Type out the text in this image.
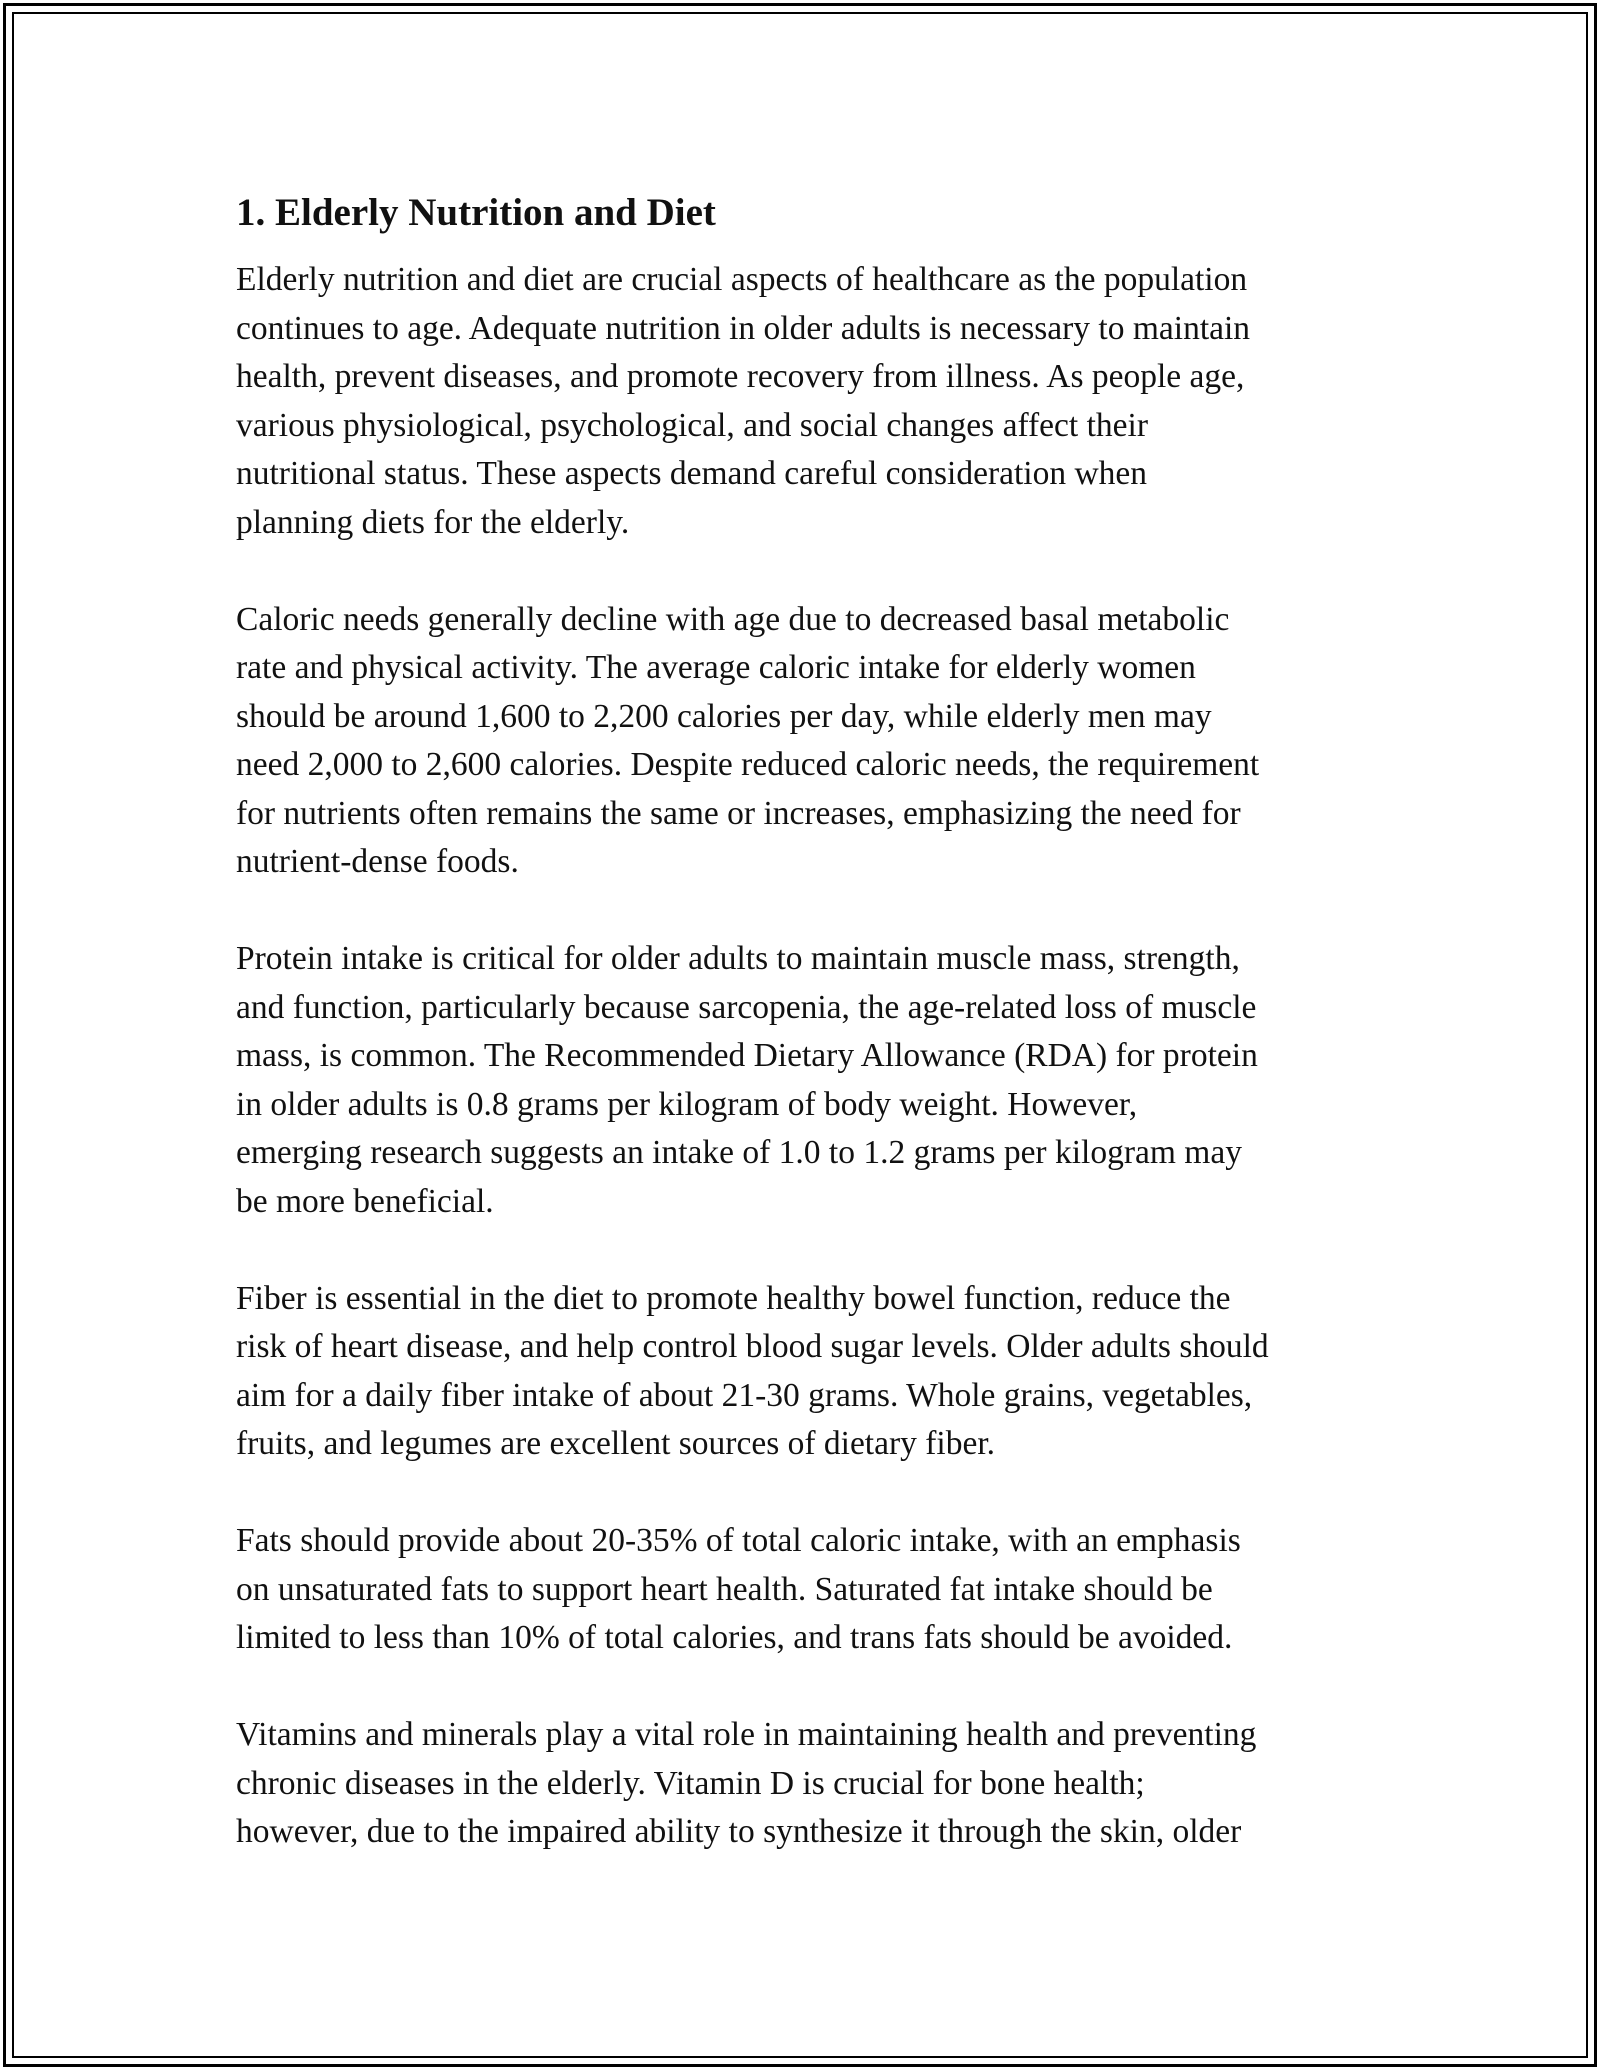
1. Elderly Nutrition and Diet

Elderly nutrition and diet are crucial aspects of healthcare as the population
continues to age. Adequate nutrition in older adults is necessary to maintain
health, prevent diseases, and promote recovery from illness. As people age,
various physiological, psychological, and social changes affect their
nutritional status. These aspects demand careful consideration when
planning diets for the elderly.

Caloric needs generally decline with age due to decreased basal metabolic
rate and physical activity. The average caloric intake for elderly women
should be around 1,600 to 2,200 calories per day, while elderly men may
need 2,000 to 2,600 calories. Despite reduced caloric needs, the requirement
for nutrients often remains the same or increases, emphasizing the need for
nutrient-dense foods.

Protein intake is critical for older adults to maintain muscle mass, strength,
and function, particularly because sarcopenia, the age-related loss of muscle
mass, is common. The Recommended Dietary Allowance (RDA) for protein
in older adults is 0.8 grams per kilogram of body weight. However,
emerging research suggests an intake of 1.0 to 1.2 grams per kilogram may
be more beneficial.

Fiber is essential in the diet to promote healthy bowel function, reduce the
risk of heart disease, and help control blood sugar levels. Older adults should
aim for a daily fiber intake of about 21-30 grams. Whole grains, vegetables,
fruits, and legumes are excellent sources of dietary fiber.

Fats should provide about 20-35% of total caloric intake, with an emphasis
on unsaturated fats to support heart health. Saturated fat intake should be
limited to less than 10% of total calories, and trans fats should be avoided.

Vitamins and minerals play a vital role in maintaining health and preventing
chronic diseases in the elderly. Vitamin D is crucial for bone health;
however, due to the impaired ability to synthesize it through the skin, older
